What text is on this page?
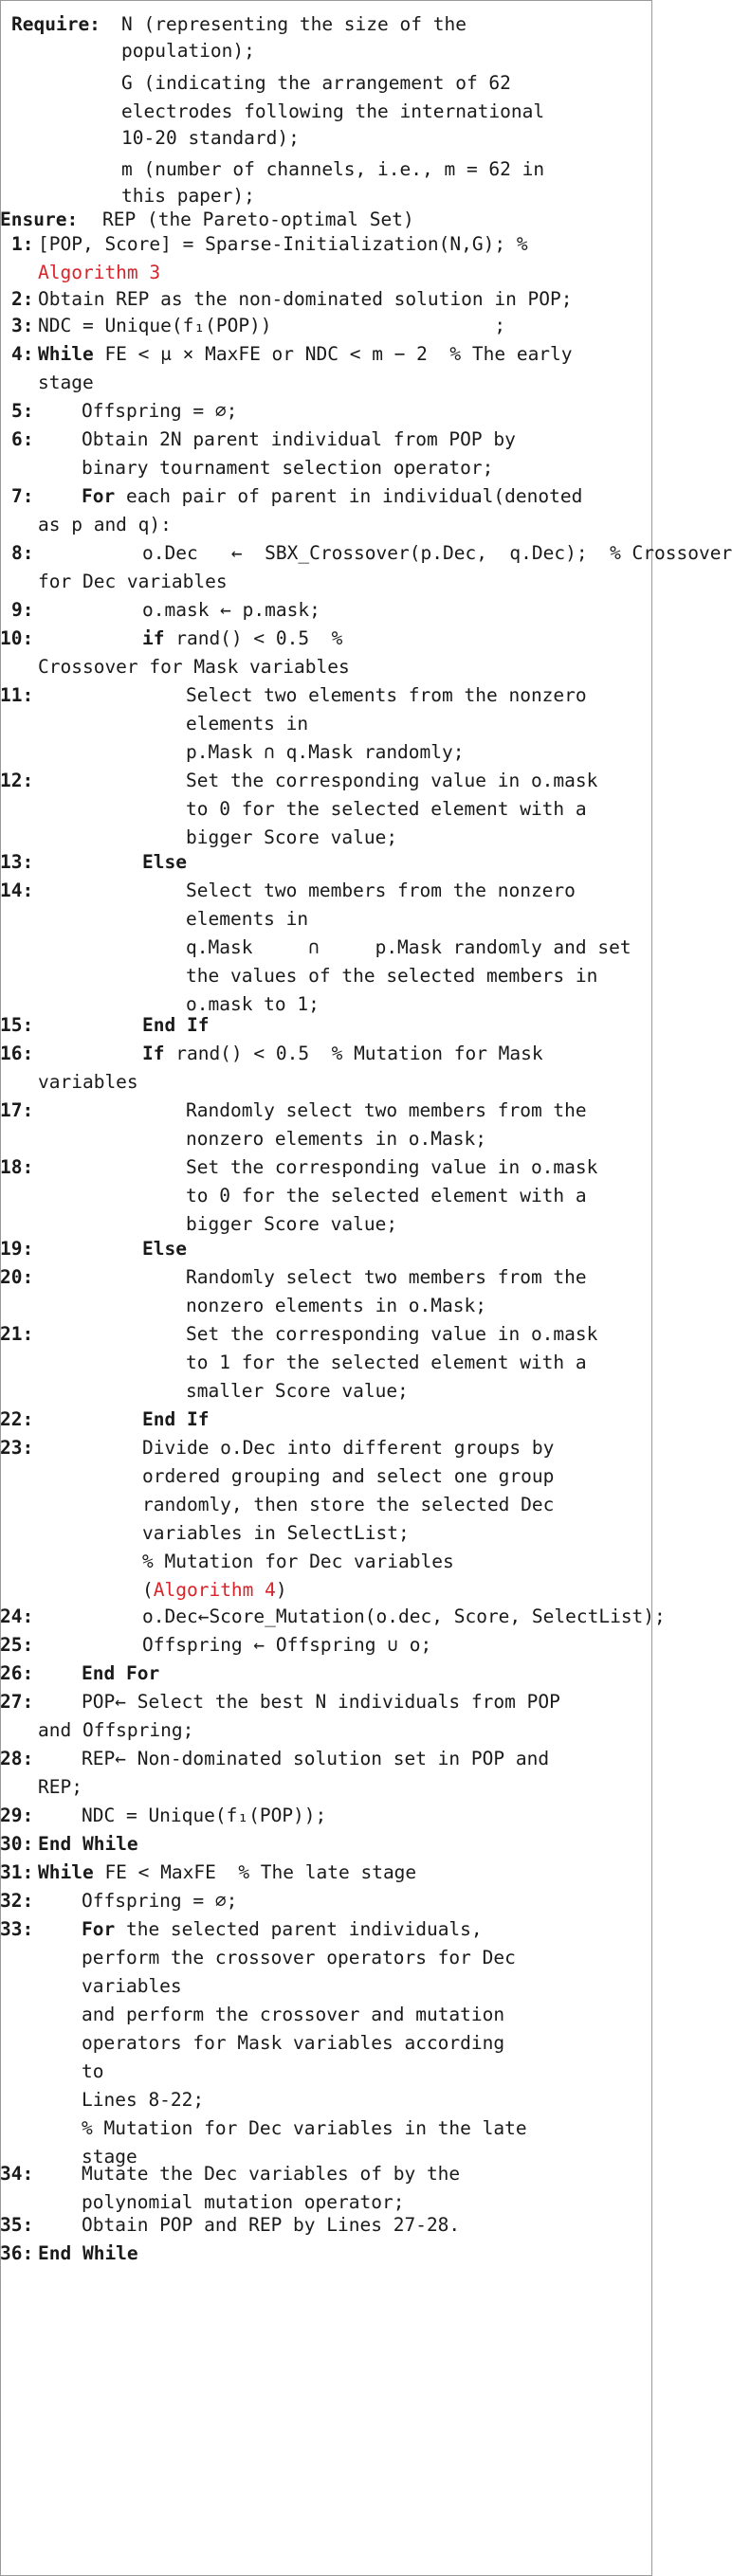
Require: N (representing the size of the
population);
G (indicating the arrangement of 62
electrodes following the international
10-20 standard);
m (number of channels, i.e., m = 62 in
this paper);
Ensure: REP (the Pareto-optimal Set)
1: [POP, Score] = Sparse-Initialization(N,G); %
Algorithm 3
2: Obtain REP as the non-dominated solution in POP;
3: NDC = Unique(f₁(POP))                    ;
4: While FE < μ × MaxFE or NDC < m − 2  % The early
stage
5:	Offspring = ∅;
6:	Obtain 2N parent individual from POP by
binary tournament selection operator;
7:	For each pair of parent in individual(denoted
as p and q):
8:	o.Dec   ←  SBX_Crossover(p.Dec,  q.Dec);  % Crossover
for Dec variables
9:	o.mask ← p.mask;
10:	if rand() < 0.5  %
Crossover for Mask variables
11:	Select two elements from the nonzero
elements in
p.Mask ∩ q.Mask randomly;
12:	Set the corresponding value in o.mask
to 0 for the selected element with a
bigger Score value;
13:	Else
14:	Select two members from the nonzero
elements in
q.Mask     ∩     p.Mask randomly and set
the values of the selected members in
o.mask to 1;
15:	End If
16:	If rand() < 0.5  % Mutation for Mask
variables
17:	Randomly select two members from the
nonzero elements in o.Mask;
18:	Set the corresponding value in o.mask
to 0 for the selected element with a
bigger Score value;
19:	Else
20:	Randomly select two members from the
nonzero elements in o.Mask;
21:	Set the corresponding value in o.mask
to 1 for the selected element with a
smaller Score value;
22:	End If
23:	Divide o.Dec into different groups by
ordered grouping and select one group
randomly, then store the selected Dec
variables in SelectList;
% Mutation for Dec variables
(Algorithm 4)
24:	o.Dec←Score_Mutation(o.dec, Score, SelectList);
25:	Offspring ← Offspring ∪ o;
26:	End For
27:	POP← Select the best N individuals from POP
and Offspring;
28:	REP← Non-dominated solution set in POP and
REP;
29:	NDC = Unique(f₁(POP));
30: End While
31: While FE < MaxFE  % The late stage
32:	Offspring = ∅;
33:	For the selected parent individuals,
perform the crossover operators for Dec
variables
and perform the crossover and mutation
operators for Mask variables according
to
Lines 8-22;
% Mutation for Dec variables in the late
stage
34:	Mutate the Dec variables of by the
polynomial mutation operator;
35:	Obtain POP and REP by Lines 27-28.
36: End While
